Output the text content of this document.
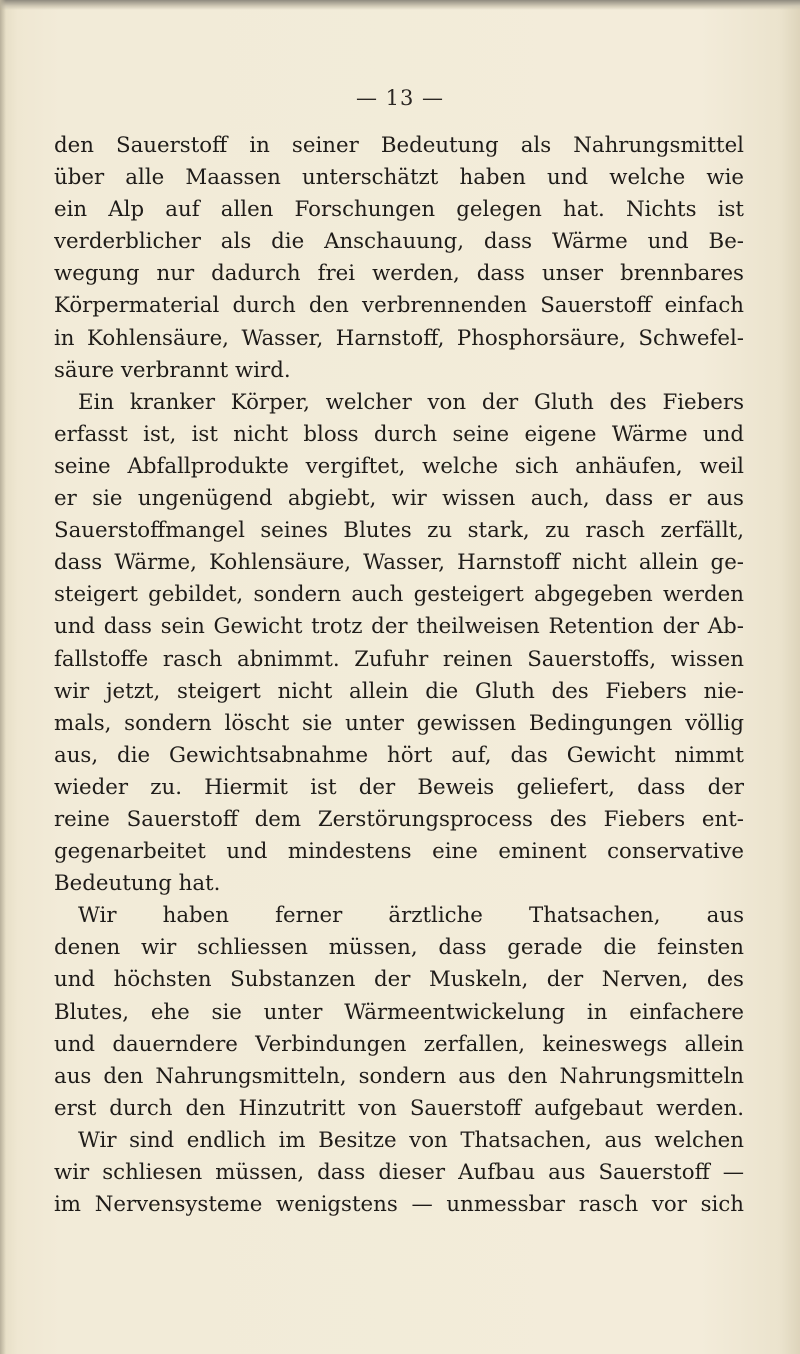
— 13 —
den Sauerstoff in seiner Bedeutung als Nahrungsmittel
über alle Maassen unterschätzt haben und welche wie
ein Alp auf allen Forschungen gelegen hat. Nichts ist
verderblicher als die Anschauung, dass Wärme und Be-
wegung nur dadurch frei werden, dass unser brennbares
Körpermaterial durch den verbrennenden Sauerstoff einfach
in Kohlensäure, Wasser, Harnstoff, Phosphorsäure, Schwefel-
säure verbrannt wird.
Ein kranker Körper, welcher von der Gluth des Fiebers
erfasst ist, ist nicht bloss durch seine eigene Wärme und
seine Abfallprodukte vergiftet, welche sich anhäufen, weil
er sie ungenügend abgiebt, wir wissen auch, dass er aus
Sauerstoffmangel seines Blutes zu stark, zu rasch zerfällt,
dass Wärme, Kohlensäure, Wasser, Harnstoff nicht allein ge-
steigert gebildet, sondern auch gesteigert abgegeben werden
und dass sein Gewicht trotz der theilweisen Retention der Ab-
fallstoffe rasch abnimmt. Zufuhr reinen Sauerstoffs, wissen
wir jetzt, steigert nicht allein die Gluth des Fiebers nie-
mals, sondern löscht sie unter gewissen Bedingungen völlig
aus, die Gewichtsabnahme hört auf, das Gewicht nimmt
wieder zu. Hiermit ist der Beweis geliefert, dass der
reine Sauerstoff dem Zerstörungsprocess des Fiebers ent-
gegenarbeitet und mindestens eine eminent conservative
Bedeutung hat.
Wir haben ferner ärztliche Thatsachen, aus
denen wir schliessen müssen, dass gerade die feinsten
und höchsten Substanzen der Muskeln, der Nerven, des
Blutes, ehe sie unter Wärmeentwickelung in einfachere
und dauerndere Verbindungen zerfallen, keineswegs allein
aus den Nahrungsmitteln, sondern aus den Nahrungsmitteln
erst durch den Hinzutritt von Sauerstoff aufgebaut werden.
Wir sind endlich im Besitze von Thatsachen, aus welchen
wir schliesen müssen, dass dieser Aufbau aus Sauerstoff —
im Nervensysteme wenigstens — unmessbar rasch vor sich
